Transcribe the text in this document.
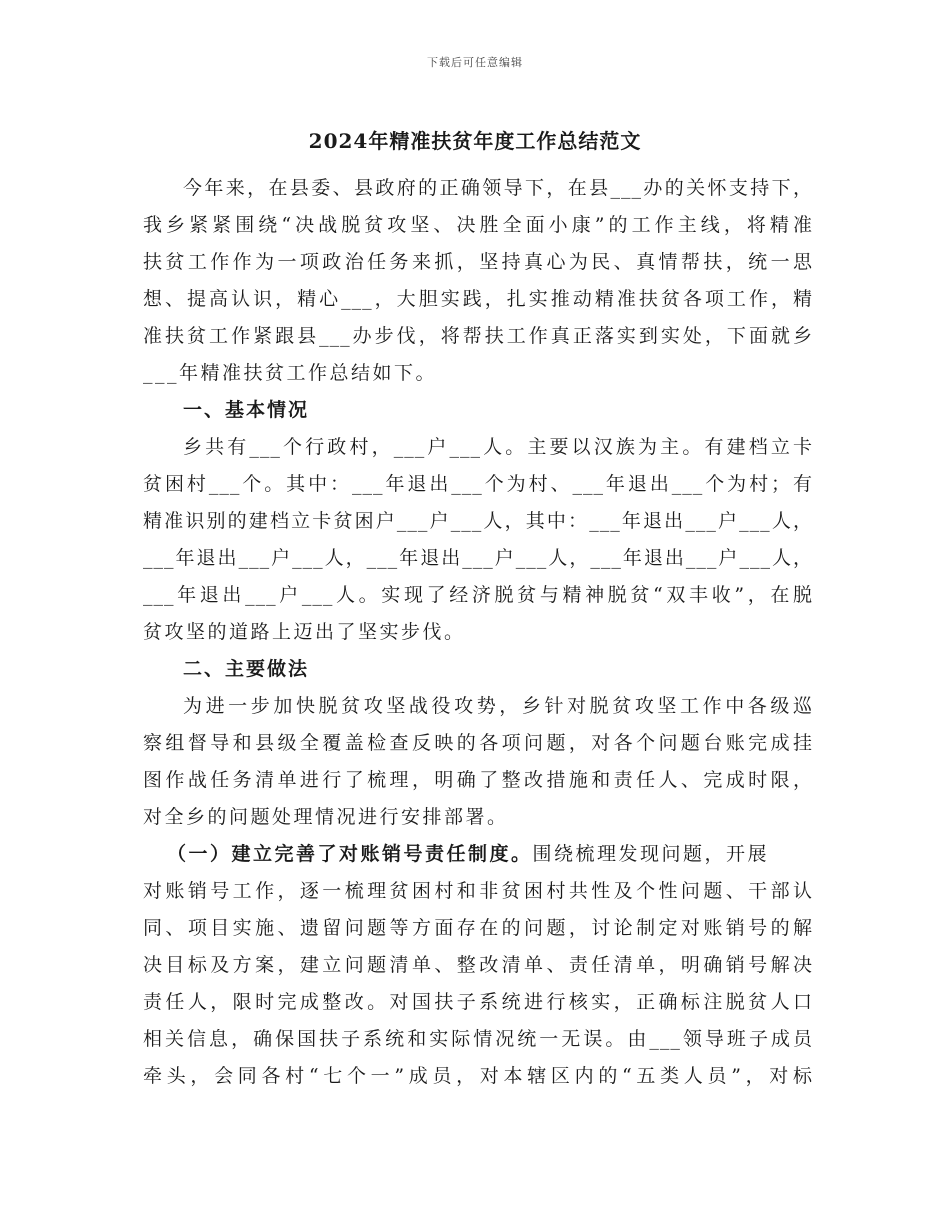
下载后可任意编辑
2024年精准扶贫年度工作总结范文
今年来，在县委、县政府的正确领导下，在县___办的关怀支持下，
我乡紧紧围绕“决战脱贫攻坚、决胜全面小康”的工作主线，将精准
扶贫工作作为一项政治任务来抓，坚持真心为民、真情帮扶，统一思
想、提高认识，精心___，大胆实践，扎实推动精准扶贫各项工作，精
准扶贫工作紧跟县___办步伐，将帮扶工作真正落实到实处，下面就乡
___年精准扶贫工作总结如下。
一、基本情况
乡共有___个行政村，___户___人。主要以汉族为主。有建档立卡
贫困村___个。其中：___年退出___个为村、___年退出___个为村；有
精准识别的建档立卡贫困户___户___人，其中：___年退出___户___人，
___年退出___户___人，___年退出___户___人，___年退出___户___人，
___年退出___户___人。实现了经济脱贫与精神脱贫“双丰收”，在脱
贫攻坚的道路上迈出了坚实步伐。
二、主要做法
为进一步加快脱贫攻坚战役攻势，乡针对脱贫攻坚工作中各级巡
察组督导和县级全覆盖检查反映的各项问题，对各个问题台账完成挂
图作战任务清单进行了梳理，明确了整改措施和责任人、完成时限，
对全乡的问题处理情况进行安排部署。
（一）建立完善了对账销号责任制度。围绕梳理发现问题，开展
对账销号工作，逐一梳理贫困村和非贫困村共性及个性问题、干部认
同、项目实施、遗留问题等方面存在的问题，讨论制定对账销号的解
决目标及方案，建立问题清单、整改清单、责任清单，明确销号解决
责任人，限时完成整改。对国扶子系统进行核实，正确标注脱贫人口
相关信息，确保国扶子系统和实际情况统一无误。由___领导班子成员
牵头，会同各村“七个一”成员，对本辖区内的“五类人员”，对标
